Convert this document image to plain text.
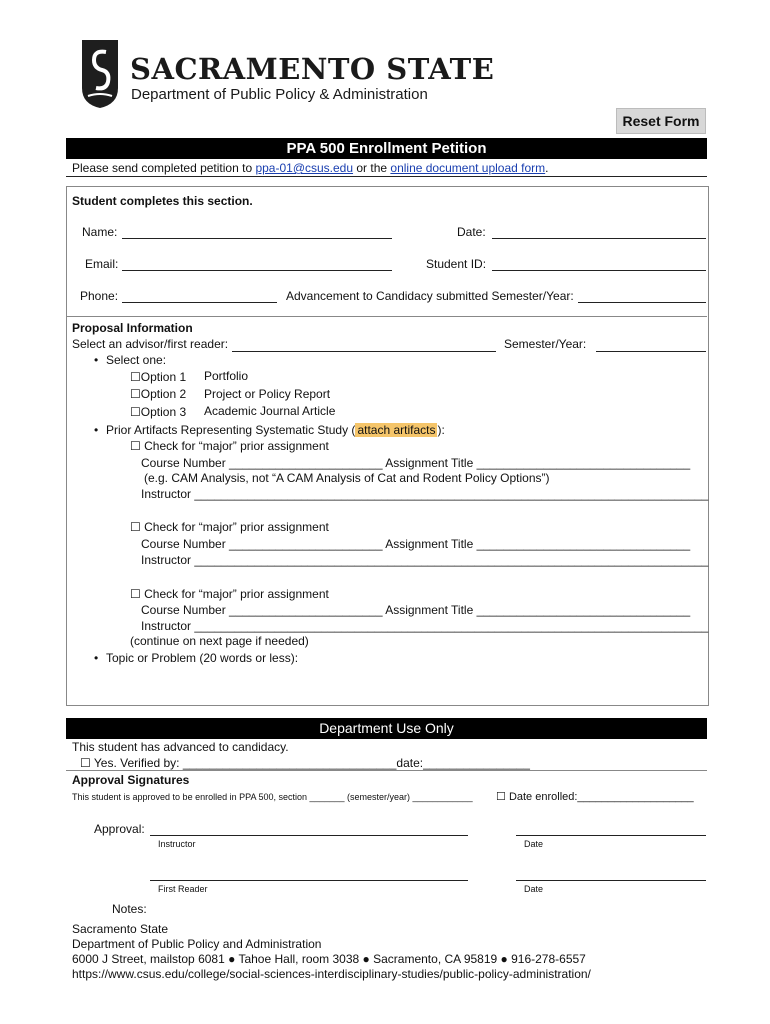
SACRAMENTO STATE
Department of Public Policy & Administration
Reset Form
PPA 500 Enrollment Petition
Please send completed petition to ppa-01@csus.edu or the online document upload form.
Student completes this section.
Name:	Date:
Email:	Student ID:
Phone:	Advancement to Candidacy submitted Semester/Year:
Proposal Information
Select an advisor/first reader:	Semester/Year:
• Select one:
☐Option 1 Portfolio
☐Option 2 Project or Policy Report
☐Option 3 Academic Journal Article
• Prior Artifacts Representing Systematic Study ( attach artifacts ):
☐ Check for “major” prior assignment
Course Number _______________________ Assignment Title ________________________________
(e.g. CAM Analysis, not “A CAM Analysis of Cat and Rodent Policy Options”)
Instructor _____________________________________________________________________________
☐ Check for “major” prior assignment
Course Number _______________________ Assignment Title ________________________________
Instructor _____________________________________________________________________________
☐ Check for “major” prior assignment
Course Number _______________________ Assignment Title ________________________________
Instructor _____________________________________________________________________________
(continue on next page if needed)
• Topic or Problem (20 words or less):
Department Use Only
This student has advanced to candidacy.
☐ Yes. Verified by: ________________________________date:________________
Approval Signatures
This student is approved to be enrolled in PPA 500, section _______ (semester/year) ____________ ☐ Date enrolled:___________________
Approval:
Instructor	Date
First Reader	Date
Notes:
Sacramento State
Department of Public Policy and Administration
6000 J Street, mailstop 6081 ● Tahoe Hall, room 3038 ● Sacramento, CA 95819 ● 916-278-6557
https://www.csus.edu/college/social-sciences-interdisciplinary-studies/public-policy-administration/
